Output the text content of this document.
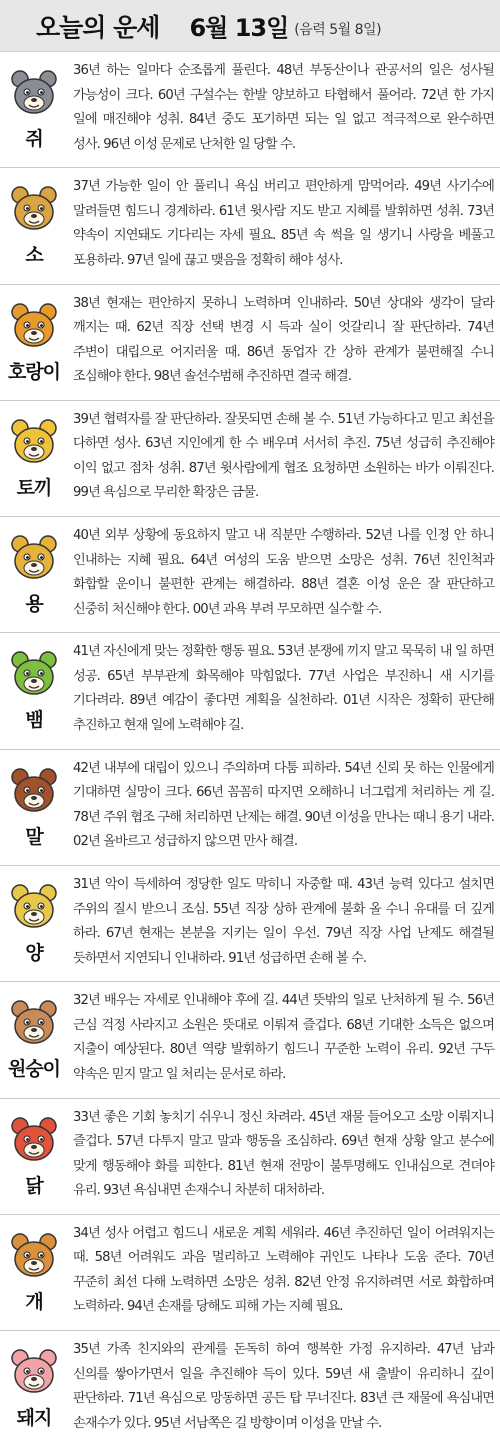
오늘의 운세 6월 13일 (음력 5월 8일)
쥐
36년 하는 일마다 순조롭게 풀린다. 48년 부동산이나 관공서의 일은 성사될 가능성이 크다. 60년 구설수는 한발 양보하고 타협해서 풀어라. 72년 한 가지 일에 매진해야 성취. 84년 중도 포기하면 되는 일 없고 적극적으로 완수하면 성사. 96년 이성 문제로 난처한 일 당할 수.
소
37년 가능한 일이 안 풀리니 욕심 버리고 편안하게 맘먹어라. 49년 사기수에 말려들면 힘드니 경계하라. 61년 윗사람 지도 받고 지혜를 발휘하면 성취. 73년 약속이 지연돼도 기다리는 자세 필요. 85년 속 썩을 일 생기니 사랑을 베풀고 포용하라. 97년 일에 끊고 맺음을 정확히 해야 성사.
호랑이
38년 현재는 편안하지 못하니 노력하며 인내하라. 50년 상대와 생각이 달라 깨지는 때. 62년 직장 선택 변경 시 득과 실이 엇갈리니 잘 판단하라. 74년 주변이 대립으로 어지러울 때. 86년 동업자 간 상하 관계가 불편해질 수니 조심해야 한다. 98년 솔선수범해 추진하면 결국 해결.
토끼
39년 협력자를 잘 판단하라. 잘못되면 손해 볼 수. 51년 가능하다고 믿고 최선을 다하면 성사. 63년 지인에게 한 수 배우며 서서히 추진. 75년 성급히 추진해야 이익 없고 점차 성취. 87년 윗사람에게 협조 요청하면 소원하는 바가 이뤄진다. 99년 욕심으로 무리한 확장은 금물.
용
40년 외부 상황에 동요하지 말고 내 직분만 수행하라. 52년 나를 인정 안 하니 인내하는 지혜 필요. 64년 여성의 도움 받으면 소망은 성취. 76년 친인척과 화합할 운이니 불편한 관계는 해결하라. 88년 결혼 이성 운은 잘 판단하고 신중히 처신해야 한다. 00년 과욕 부려 무모하면 실수할 수.
뱀
41년 자신에게 맞는 정확한 행동 필요. 53년 분쟁에 끼지 말고 묵묵히 내 일 하면 성공. 65년 부부관계 화목해야 막힘없다. 77년 사업은 부진하니 새 시기를 기다려라. 89년 예감이 좋다면 계획을 실천하라. 01년 시작은 정확히 판단해 추진하고 현재 일에 노력해야 길.
말
42년 내부에 대립이 있으니 주의하며 다툼 피하라. 54년 신뢰 못 하는 인물에게 기대하면 실망이 크다. 66년 꼼꼼히 따지면 오해하니 너그럽게 처리하는 게 길. 78년 주위 협조 구해 처리하면 난제는 해결. 90년 이성을 만나는 때니 용기 내라. 02년 올바르고 성급하지 않으면 만사 해결.
양
31년 악이 득세하여 정당한 일도 막히니 자중할 때. 43년 능력 있다고 설치면 주위의 질시 받으니 조심. 55년 직장 상하 관계에 불화 올 수니 유대를 더 깊게 하라. 67년 현재는 본분을 지키는 일이 우선. 79년 직장 사업 난제도 해결될 듯하면서 지연되니 인내하라. 91년 성급하면 손해 볼 수.
원숭이
32년 배우는 자세로 인내해야 후에 길. 44년 뜻밖의 일로 난처하게 될 수. 56년 근심 걱정 사라지고 소원은 뜻대로 이뤄져 즐겁다. 68년 기대한 소득은 없으며 지출이 예상된다. 80년 역량 발휘하기 힘드니 꾸준한 노력이 유리. 92년 구두 약속은 믿지 말고 일 처리는 문서로 하라.
닭
33년 좋은 기회 놓치기 쉬우니 정신 차려라. 45년 재물 들어오고 소망 이뤄지니 즐겁다. 57년 다투지 말고 말과 행동을 조심하라. 69년 현재 상황 알고 분수에 맞게 행동해야 화를 피한다. 81년 현재 전망이 불투명해도 인내심으로 견뎌야 유리. 93년 욕심내면 손재수니 차분히 대처하라.
개
34년 성사 어렵고 힘드니 새로운 계획 세워라. 46년 추진하던 일이 어려워지는 때. 58년 어려워도 과음 멀리하고 노력해야 귀인도 나타나 도움 준다. 70년 꾸준히 최선 다해 노력하면 소망은 성취. 82년 안정 유지하려면 서로 화합하며 노력하라. 94년 손재를 당해도 피해 가는 지혜 필요.
돼지
35년 가족 친지와의 관계를 돈독히 하여 행복한 가정 유지하라. 47년 남과 신의를 쌓아가면서 일을 추진해야 득이 있다. 59년 새 출발이 유리하니 깊이 판단하라. 71년 욕심으로 망동하면 공든 탑 무너진다. 83년 큰 재물에 욕심내면 손재수가 있다. 95년 서남쪽은 길 방향이며 이성을 만날 수.
